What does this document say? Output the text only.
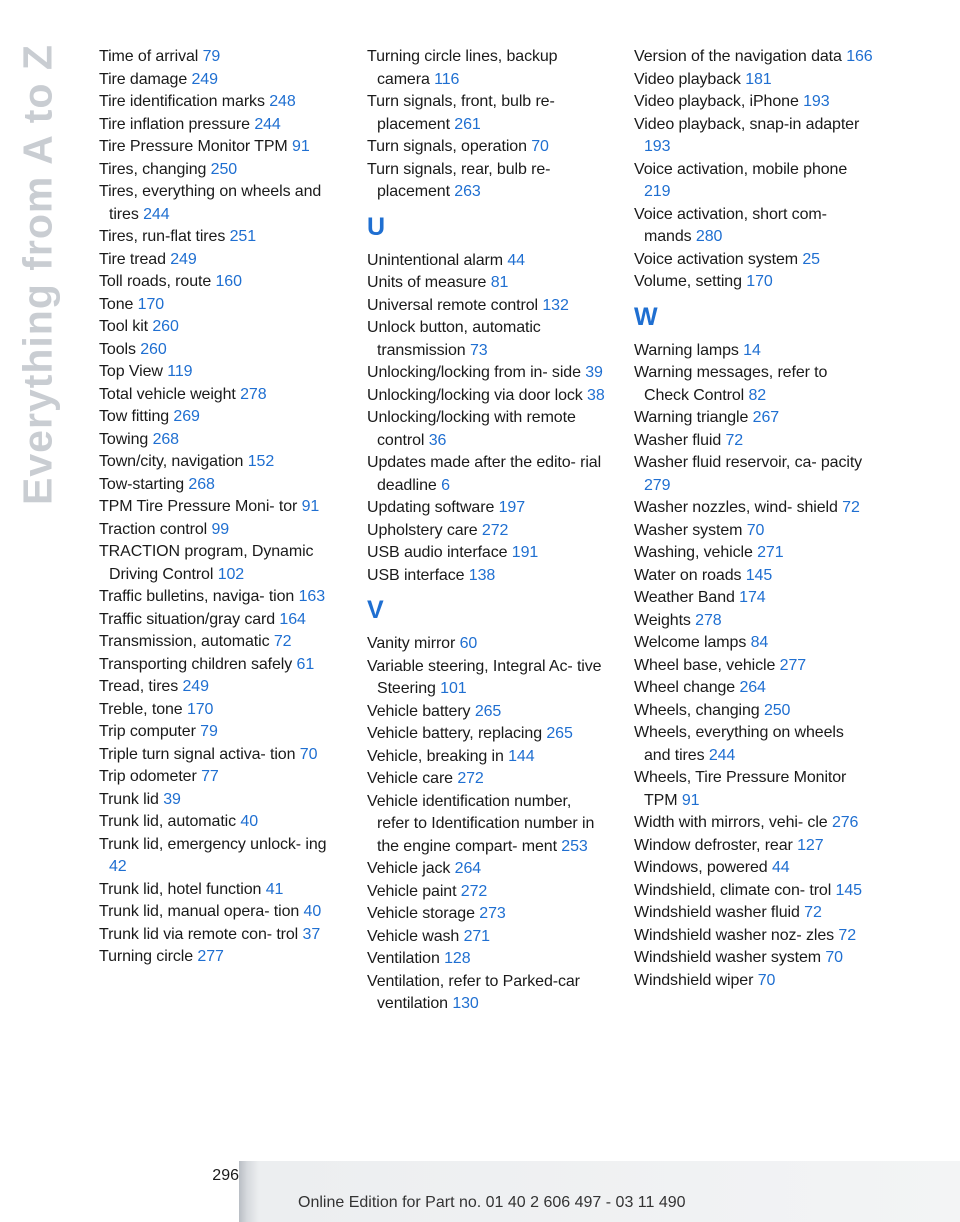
Everything from A to Z	Time of arrival 79
Tire damage 249
Tire identification marks 248
Tire inflation pressure 244
Tire Pressure Monitor TPM 91
Tires, changing 250
Tires, everything on wheels and tires 244
Tires, run-flat tires 251
Tire tread 249
Toll roads, route 160
Tone 170
Tool kit 260
Tools 260
Top View 119
Total vehicle weight 278
Tow fitting 269
Towing 268
Town/city, navigation 152
Tow-starting 268
TPM Tire Pressure Moni‐ tor 91
Traction control 99
TRACTION program, Dynamic Driving Control 102
Traffic bulletins, naviga‐ tion 163
Traffic situation/gray card 164
Transmission, automatic 72
Transporting children safely 61
Tread, tires 249
Treble, tone 170
Trip computer 79
Triple turn signal activa‐ tion 70
Trip odometer 77
Trunk lid 39
Trunk lid, automatic 40
Trunk lid, emergency unlock‐ ing 42
Trunk lid, hotel function 41
Trunk lid, manual opera‐ tion 40
Trunk lid via remote con‐ trol 37
Turning circle 277
Turning circle lines, backup camera 116
Turn signals, front, bulb re‐ placement 261
Turn signals, operation 70
Turn signals, rear, bulb re‐ placement 263
U
Unintentional alarm 44
Units of measure 81
Universal remote control 132
Unlock button, automatic transmission 73
Unlocking/locking from in‐ side 39
Unlocking/locking via door lock 38
Unlocking/locking with remote control 36
Updates made after the edito‐ rial deadline 6
Updating software 197
Upholstery care 272
USB audio interface 191
USB interface 138
V
Vanity mirror 60
Variable steering, Integral Ac‐ tive Steering 101
Vehicle battery 265
Vehicle battery, replacing 265
Vehicle, breaking in 144
Vehicle care 272
Vehicle identification number, refer to Identification number in the engine compart‐ ment 253
Vehicle jack 264
Vehicle paint 272
Vehicle storage 273
Vehicle wash 271
Ventilation 128
Ventilation, refer to Parked-car ventilation 130
Version of the navigation data 166
Video playback 181
Video playback, iPhone 193
Video playback, snap-in adapter 193
Voice activation, mobile phone 219
Voice activation, short com‐ mands 280
Voice activation system 25
Volume, setting 170
W
Warning lamps 14
Warning messages, refer to Check Control 82
Warning triangle 267
Washer fluid 72
Washer fluid reservoir, ca‐ pacity 279
Washer nozzles, wind‐ shield 72
Washer system 70
Washing, vehicle 271
Water on roads 145
Weather Band 174
Weights 278
Welcome lamps 84
Wheel base, vehicle 277
Wheel change 264
Wheels, changing 250
Wheels, everything on wheels and tires 244
Wheels, Tire Pressure Monitor TPM 91
Width with mirrors, vehi‐ cle 276
Window defroster, rear 127
Windows, powered 44
Windshield, climate con‐ trol 145
Windshield washer fluid 72
Windshield washer noz‐ zles 72
Windshield washer system 70
Windshield wiper 70
296
Online Edition for Part no. 01 40 2 606 497 - 03 11 490
